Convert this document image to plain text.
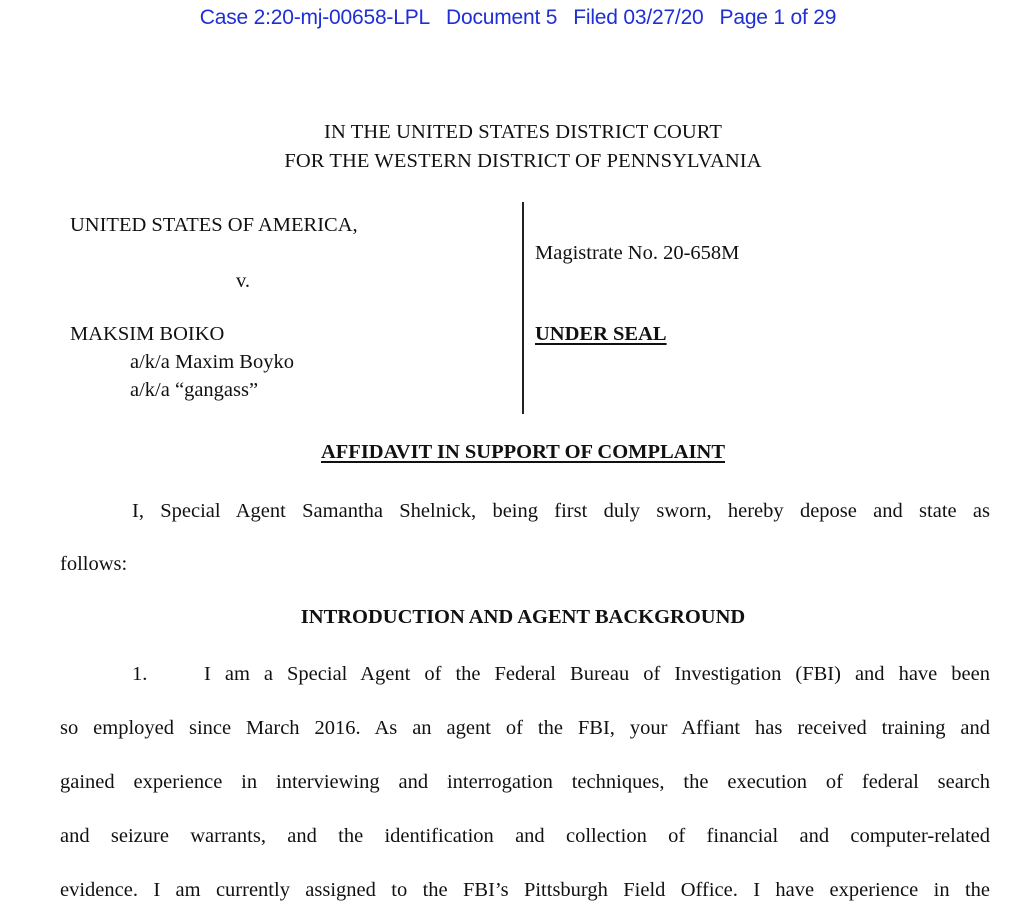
Case 2:20-mj-00658-LPL Document 5 Filed 03/27/20 Page 1 of 29
IN THE UNITED STATES DISTRICT COURT
FOR THE WESTERN DISTRICT OF PENNSYLVANIA
UNITED STATES OF AMERICA,
v.
MAKSIM BOIKO
a/k/a Maxim Boyko
a/k/a “gangass”
Magistrate No. 20-658M
UNDER SEAL
AFFIDAVIT IN SUPPORT OF COMPLAINT
I, Special Agent Samantha Shelnick, being first duly sworn, hereby depose and state as
follows:
INTRODUCTION AND AGENT BACKGROUND
1.	I am a Special Agent of the Federal Bureau of Investigation (FBI) and have been
so employed since March 2016. As an agent of the FBI, your Affiant has received training and
gained experience in interviewing and interrogation techniques, the execution of federal search
and seizure warrants, and the identification and collection of financial and computer-related
evidence. I am currently assigned to the FBI’s Pittsburgh Field Office. I have experience in the
